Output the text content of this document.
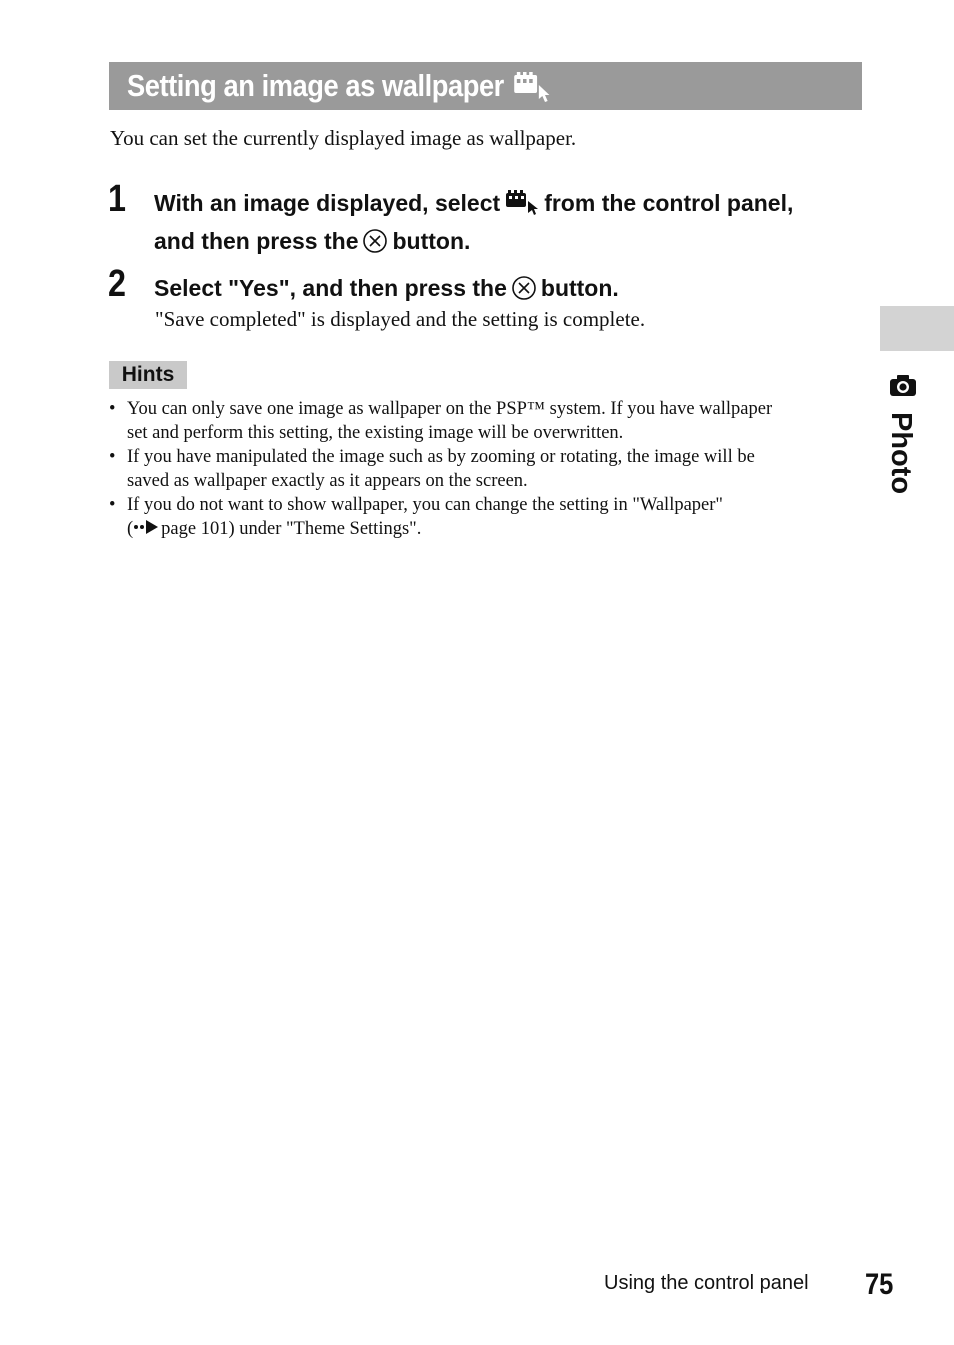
Setting an image as wallpaper
You can set the currently displayed image as wallpaper.
1 With an image displayed, select from the control panel,
and then press the button.
2 Select "Yes", and then press the button.
"Save completed" is displayed and the setting is complete.
Hints
• You can only save one image as wallpaper on the PSP™ system. If you have wallpaper
set and perform this setting, the existing image will be overwritten.
• If you have manipulated the image such as by zooming or rotating, the image will be
saved as wallpaper exactly as it appears on the screen.
• If you do not want to show wallpaper, you can change the setting in "Wallpaper"
( page 101) under "Theme Settings".
Photo
Using the control panel 75
